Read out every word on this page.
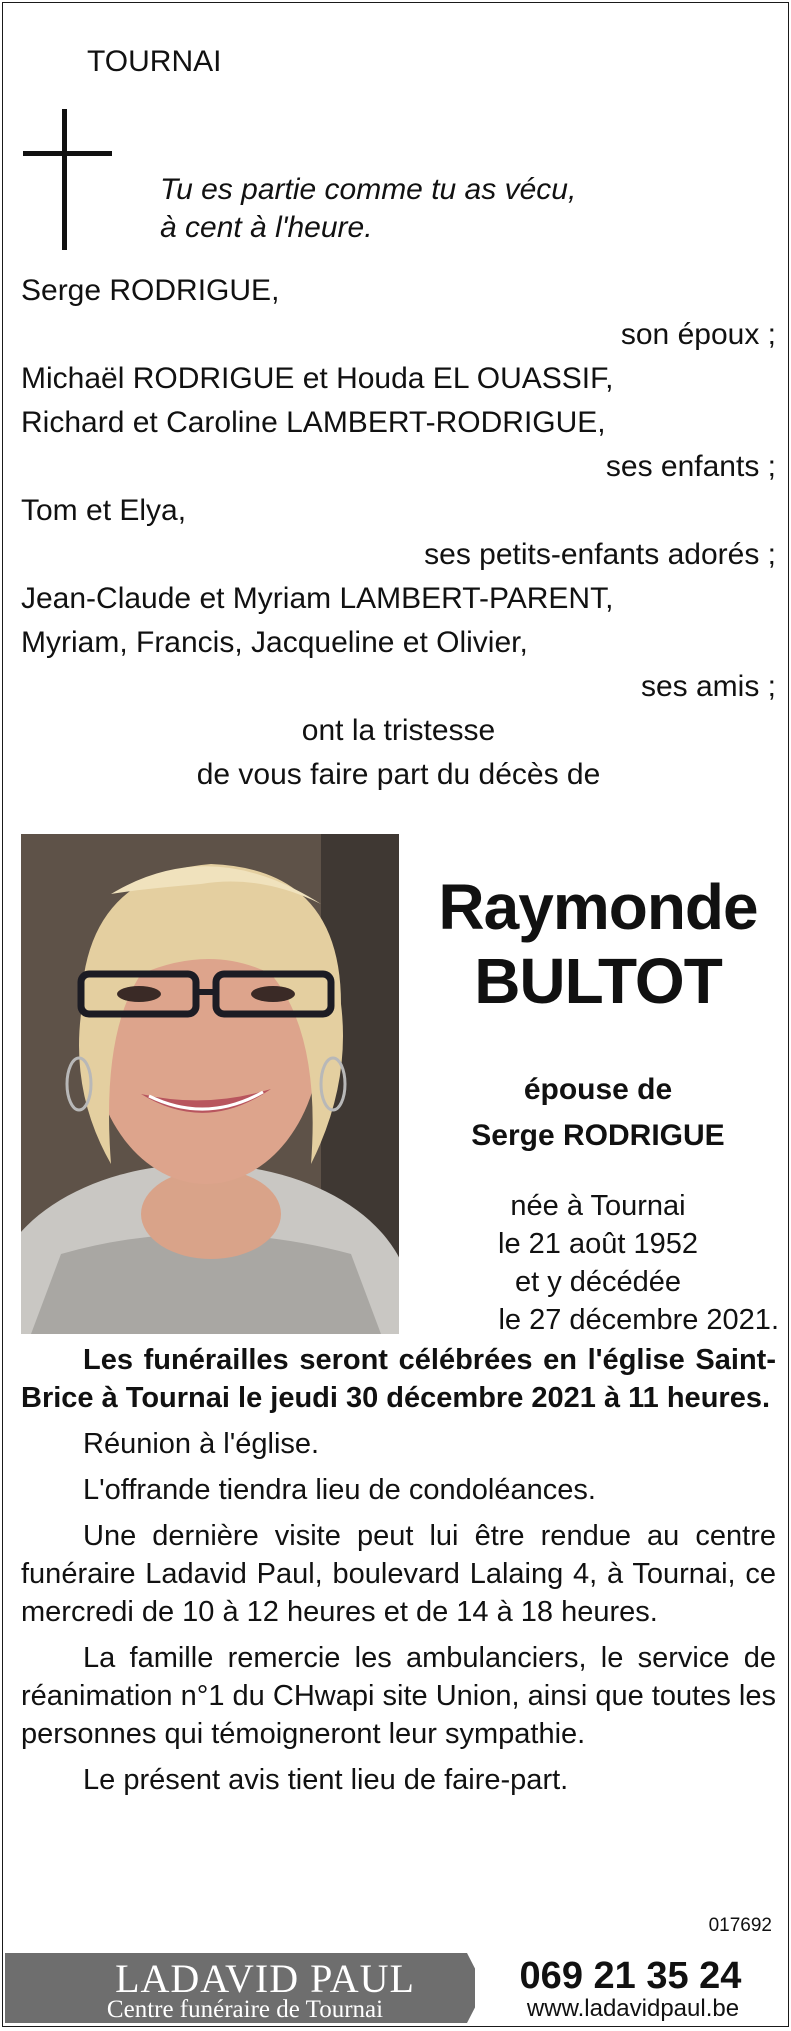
TOURNAI
Tu es partie comme tu as vécu,
à cent à l'heure.
Serge RODRIGUE,
son époux ;
Michaël RODRIGUE et Houda EL OUASSIF,
Richard et Caroline LAMBERT-RODRIGUE,
ses enfants ;
Tom et Elya,
ses petits-enfants adorés ;
Jean-Claude et Myriam LAMBERT-PARENT,
Myriam, Francis, Jacqueline et Olivier,
ses amis ;
ont la tristesse
de vous faire part du décès de
Raymonde
BULTOT
épouse de
Serge RODRIGUE
née à Tournai
le 21 août 1952
et y décédée
le 27 décembre 2021.
Les funérailles seront célébrées en l'église Saint-Brice à Tournai le jeudi 30 décembre 2021 à 11 heures.
Réunion à l'église.
L'offrande tiendra lieu de condoléances.
Une dernière visite peut lui être rendue au centre funéraire Ladavid Paul, boulevard Lalaing 4, à Tournai, ce mercredi de 10 à 12 heures et de 14 à 18 heures.
La famille remercie les ambulanciers, le service de réanimation n°1 du CHwapi site Union, ainsi que toutes les personnes qui témoigneront leur sympathie.
Le présent avis tient lieu de faire-part.
017692
LADAVID PAUL
Centre funéraire de Tournai
069 21 35 24
www.ladavidpaul.be
